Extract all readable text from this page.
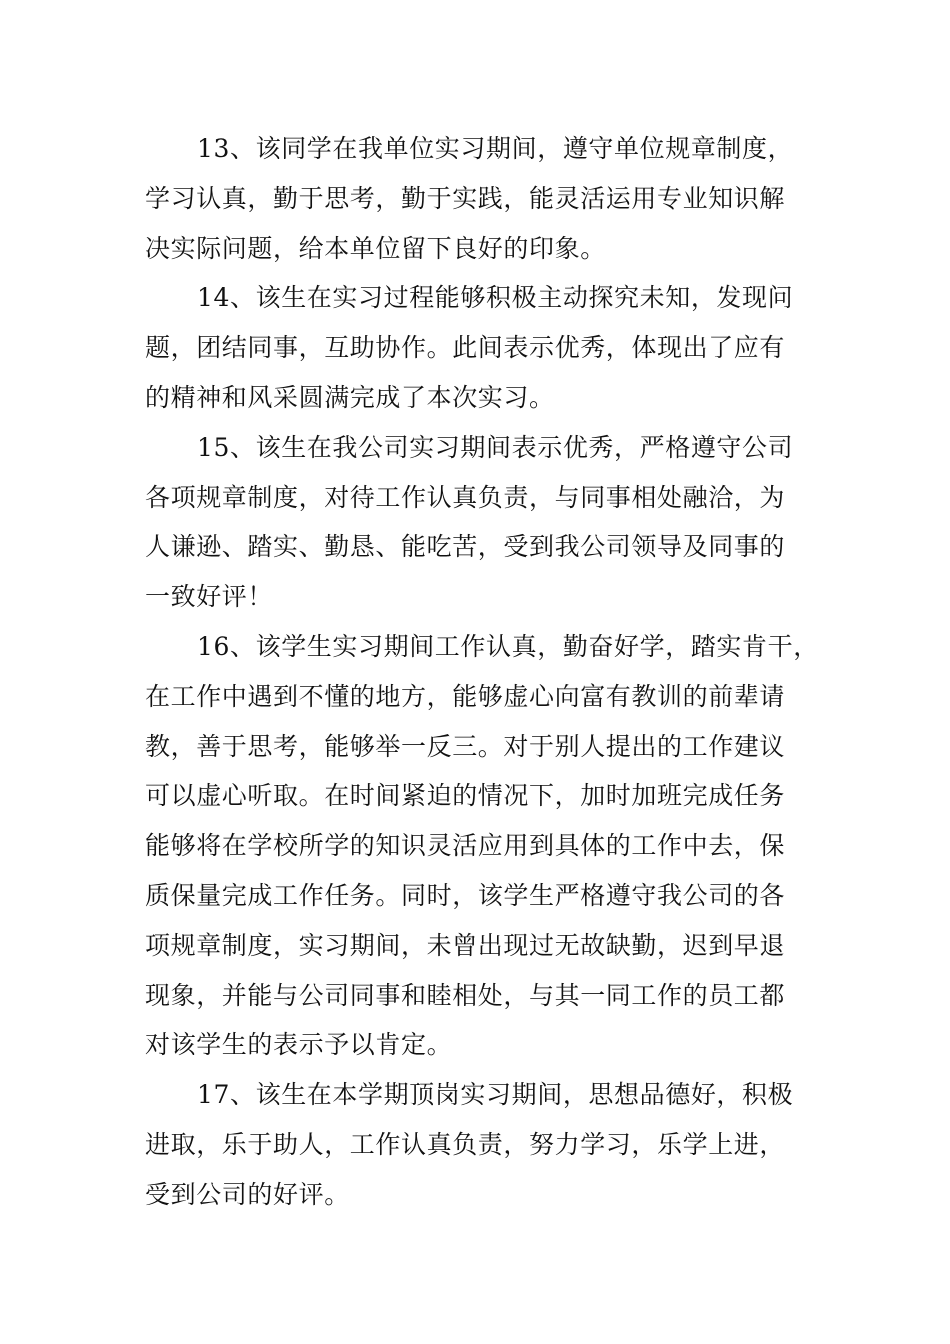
13、该同学在我单位实习期间，遵守单位规章制度，
学习认真，勤于思考，勤于实践，能灵活运用专业知识解
决实际问题，给本单位留下良好的印象。
14、该生在实习过程能够积极主动探究未知，发现问
题，团结同事，互助协作。此间表示优秀，体现出了应有
的精神和风采圆满完成了本次实习。
15、该生在我公司实习期间表示优秀，严格遵守公司
各项规章制度，对待工作认真负责，与同事相处融洽，为
人谦逊、踏实、勤恳、能吃苦，受到我公司领导及同事的
一致好评！
16、该学生实习期间工作认真，勤奋好学，踏实肯干，
在工作中遇到不懂的地方，能够虚心向富有教训的前辈请
教，善于思考，能够举一反三。对于别人提出的工作建议
可以虚心听取。在时间紧迫的情况下，加时加班完成任务
能够将在学校所学的知识灵活应用到具体的工作中去，保
质保量完成工作任务。同时，该学生严格遵守我公司的各
项规章制度，实习期间，未曾出现过无故缺勤，迟到早退
现象，并能与公司同事和睦相处，与其一同工作的员工都
对该学生的表示予以肯定。
17、该生在本学期顶岗实习期间，思想品德好，积极
进取，乐于助人，工作认真负责，努力学习，乐学上进，
受到公司的好评。
